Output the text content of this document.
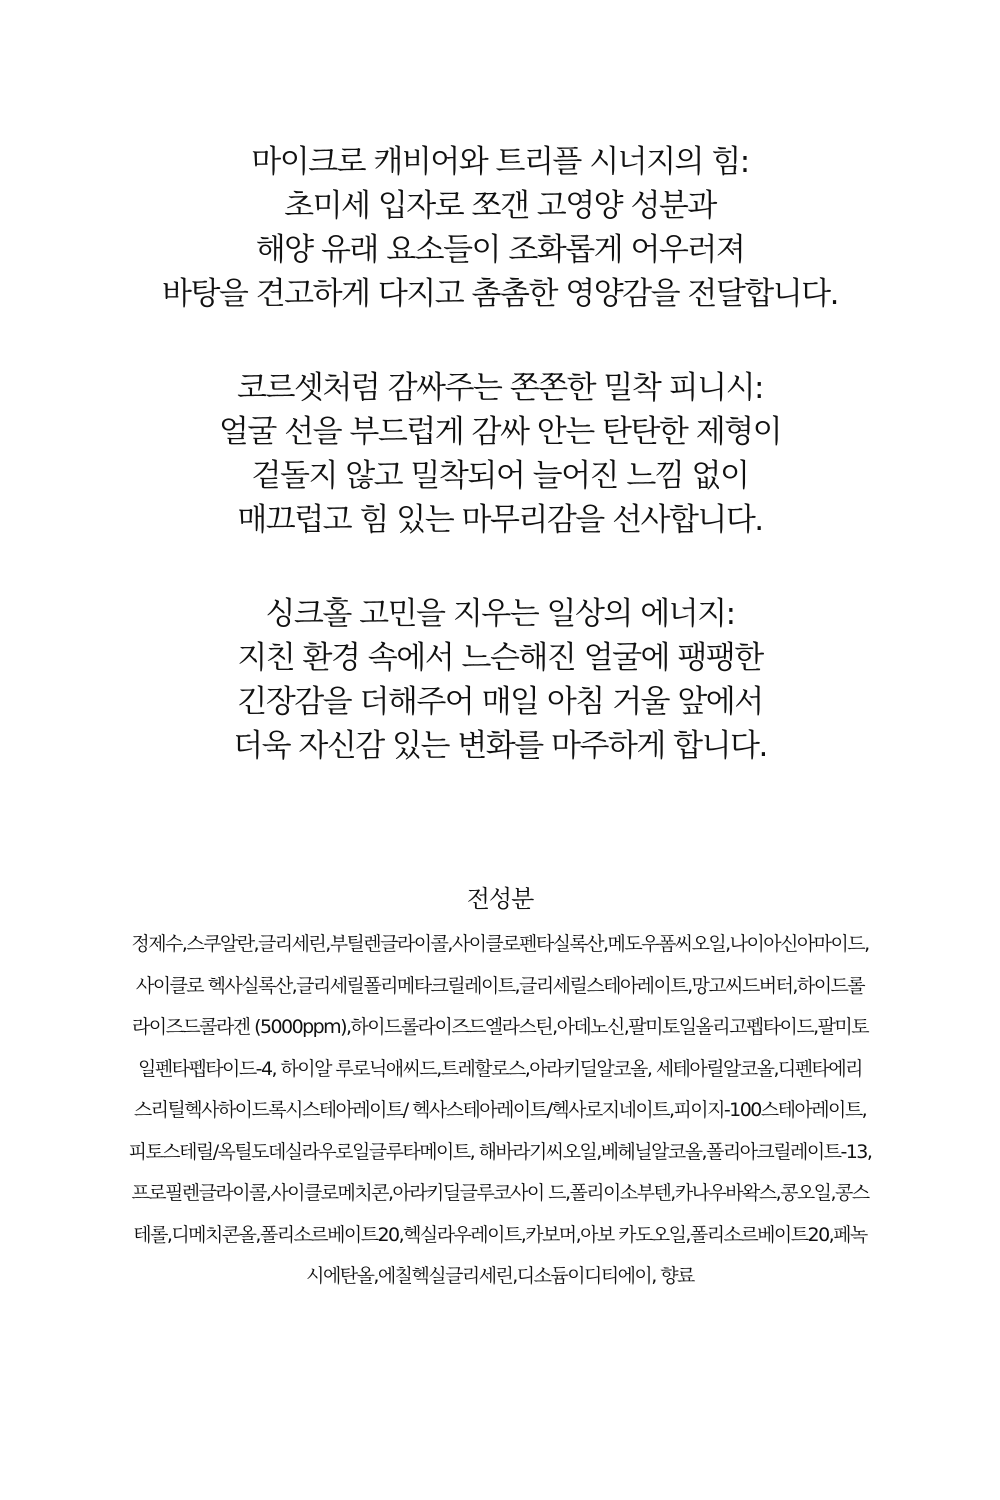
마이크로 캐비어와 트리플 시너지의 힘:
초미세 입자로 쪼갠 고영양 성분과
해양 유래 요소들이 조화롭게 어우러져
바탕을 견고하게 다지고 촘촘한 영양감을 전달합니다.
코르셋처럼 감싸주는 쫀쫀한 밀착 피니시:
얼굴 선을 부드럽게 감싸 안는 탄탄한 제형이
겉돌지 않고 밀착되어 늘어진 느낌 없이
매끄럽고 힘 있는 마무리감을 선사합니다.
싱크홀 고민을 지우는 일상의 에너지:
지친 환경 속에서 느슨해진 얼굴에 팽팽한
긴장감을 더해주어 매일 아침 거울 앞에서
더욱 자신감 있는 변화를 마주하게 합니다.
전성분
정제수,스쿠알란,글리세린,부틸렌글라이콜,사이클로펜타실록산,메도우폼씨오일,나이아신아마이드,
사이클로 헥사실록산,글리세릴폴리메타크릴레이트,글리세릴스테아레이트,망고씨드버터,하이드롤
라이즈드콜라겐 (5000ppm),하이드롤라이즈드엘라스틴,아데노신,팔미토일올리고펩타이드,팔미토
일펜타펩타이드-4, 하이알 루로닉애씨드,트레할로스,아라키딜알코올, 세테아릴알코올,디펜타에리
스리틸헥사하이드록시스테아레이트/ 헥사스테아레이트/헥사로지네이트,피이지-100스테아레이트,
피토스테릴/옥틸도데실라우로일글루타메이트, 해바라기씨오일,베헤닐알코올,폴리아크릴레이트-13,
프로필렌글라이콜,사이클로메치콘,아라키딜글루코사이 드,폴리이소부텐,카나우바왁스,콩오일,콩스
테롤,디메치콘올,폴리소르베이트20,헥실라우레이트,카보머,아보 카도오일,폴리소르베이트20,페녹
시에탄올,에칠헥실글리세린,디소듐이디티에이, 향료
